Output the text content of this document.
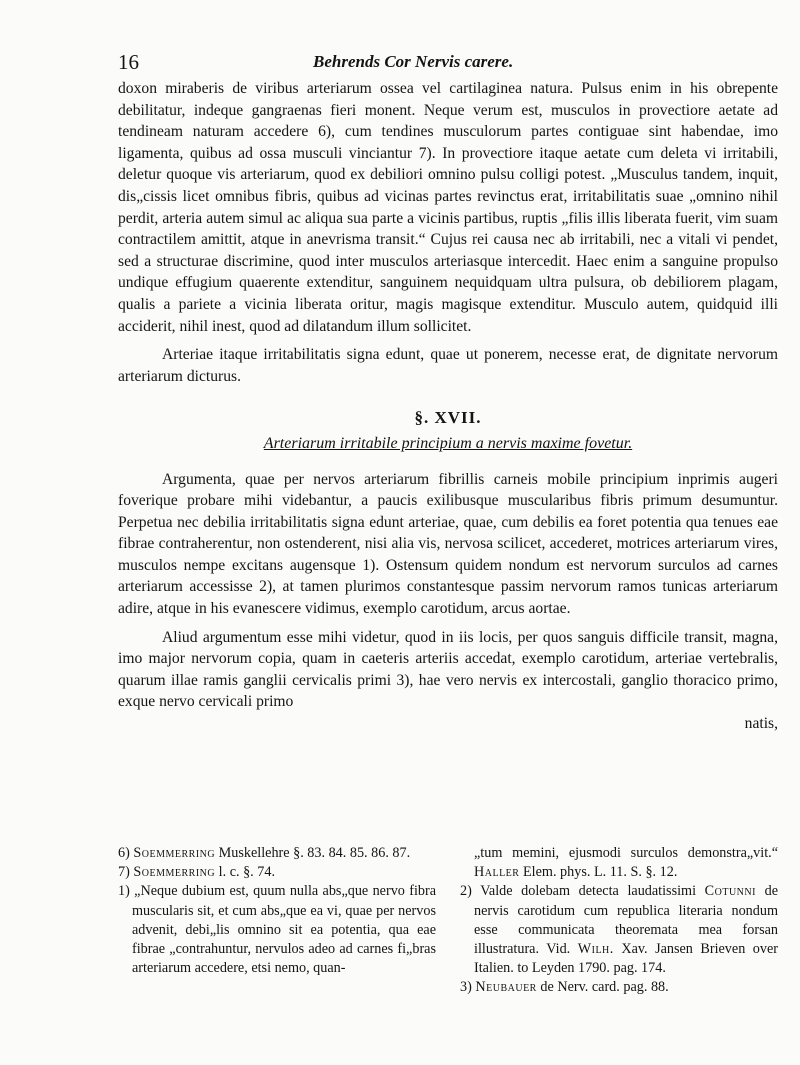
16	Behrends Cor Nervis carere.

doxon miraberis de viribus arteriarum ossea vel cartilaginea natura. Pulsus enim in his obrepente debilitatur, indeque gangraenas fieri monent. Neque verum est, musculos in provectiore aetate ad tendineam naturam accedere 6), cum tendines musculorum partes contiguae sint habendae, imo ligamenta, quibus ad ossa musculi vinciantur 7). In provectiore itaque aetate cum deleta vi irritabili, deletur quoque vis arteriarum, quod ex debiliori omnino pulsu colligi potest. „Musculus tandem, inquit, dis„cissis licet omnibus fibris, quibus ad vicinas partes revinctus erat, irritabilitatis suae „omnino nihil perdit, arteria autem simul ac aliqua sua parte a vicinis partibus, ruptis „filis illis liberata fuerit, vim suam contractilem amittit, atque in anevrisma transit.“ Cujus rei causa nec ab irritabili, nec a vitali vi pendet, sed a structurae discrimine, quod inter musculos arteriasque intercedit. Haec enim a sanguine propulso undique effugium quaerente extenditur, sanguinem nequidquam ultra pulsura, ob debiliorem plagam, qualis a pariete a vicinia liberata oritur, magis magisque extenditur. Musculo autem, quidquid illi acciderit, nihil inest, quod ad dilatandum illum sollicitet.

Arteriae itaque irritabilitatis signa edunt, quae ut ponerem, necesse erat, de dignitate nervorum arteriarum dicturus.

§. XVII.
Arteriarum irritabile principium a nervis maxime fovetur.

Argumenta, quae per nervos arteriarum fibrillis carneis mobile principium inprimis augeri foverique probare mihi videbantur, a paucis exilibusque muscularibus fibris primum desumuntur. Perpetua nec debilia irritabilitatis signa edunt arteriae, quae, cum debilis ea foret potentia qua tenues eae fibrae contraherentur, non ostenderent, nisi alia vis, nervosa scilicet, accederet, motrices arteriarum vires, musculos nempe excitans augensque 1). Ostensum quidem nondum est nervorum surculos ad carnes arteriarum accessisse 2), at tamen plurimos constantesque passim nervorum ramos tunicas arteriarum adire, atque in his evanescere vidimus, exemplo carotidum, arcus aortae.

Aliud argumentum esse mihi videtur, quod in iis locis, per quos sanguis difficile transit, magna, imo major nervorum copia, quam in caeteris arteriis accedat, exemplo carotidum, arteriae vertebralis, quarum illae ramis ganglii cervicalis primi 3), hae vero nervis ex intercostali, ganglio thoracico primo, exque nervo cervicali primo

natis,

6) Soemmerring Muskellehre §. 83. 84. 85. 86. 87.

7) Soemmerring l. c. §. 74.

1) „Neque dubium est, quum nulla abs„que nervo fibra muscularis sit, et cum abs„que ea vi, quae per nervos advenit, debi„lis omnino sit ea potentia, qua eae fibrae „contrahuntur, nervulos adeo ad carnes fi„bras arteriarum accedere, etsi nemo, quan-

„tum memini, ejusmodi surculos demonstra„vit.“ Haller Elem. phys. L. 11. S. §. 12.

2) Valde dolebam detecta laudatissimi Cotunni de nervis carotidum cum republica literaria nondum esse communicata theoremata mea forsan illustratura. Vid. Wilh. Xav. Jansen Brieven over Italien. to Leyden 1790. pag. 174.

3) Neubauer de Nerv. card. pag. 88.
